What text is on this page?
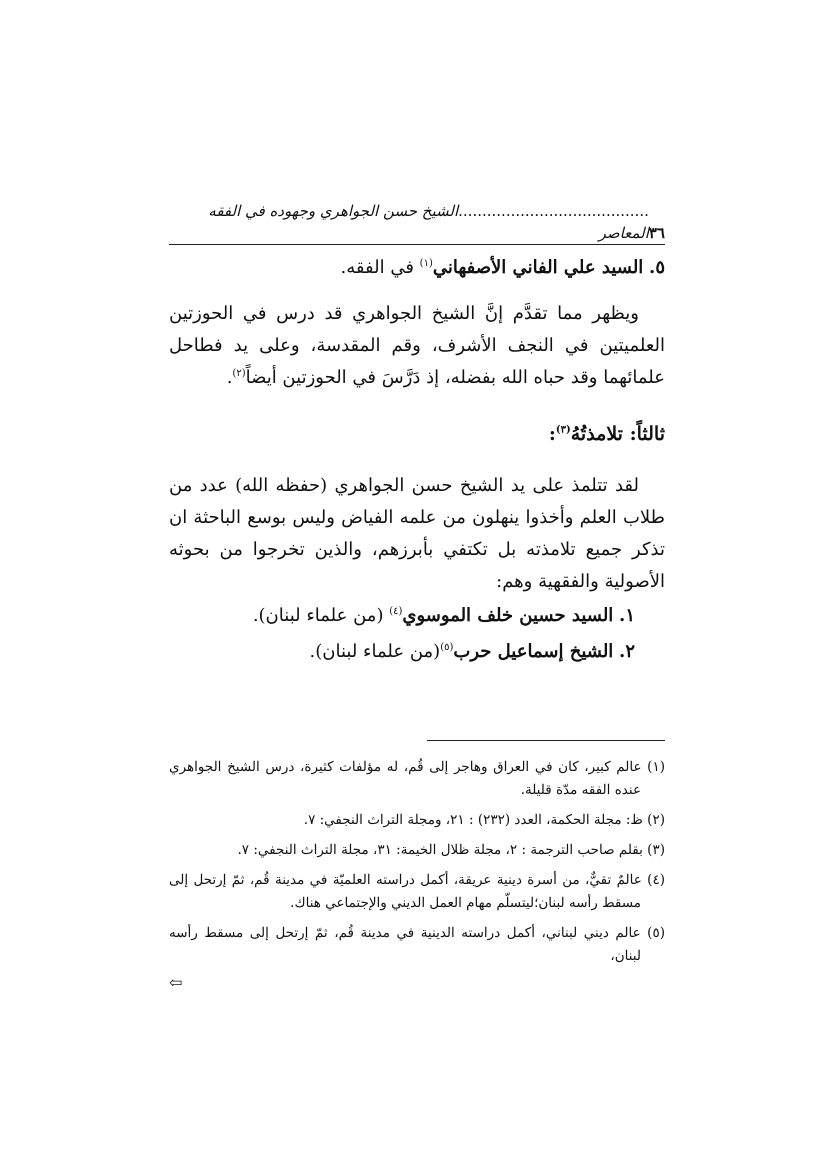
٣٦
........................................الشيخ حسن الجواهري وجهوده في الفقه المعاصر

٥. السيد علي الفاني الأصفهاني$^{(١)}$ في الفقه.

ويظهر مما تقدَّم إنَّ الشيخ الجواهري قد درس في الحوزتين العلميتين في النجف الأشرف، وقم المقدسة، وعلى يد فطاحل علمائهما وقد حباه الله بفضله، إذ دَرَّسَ في الحوزتين أيضاً$^{(٢)}$.

ثالثاً: تلامذتُهُ$^{(٣)}$:

لقد تتلمذ على يد الشيخ حسن الجواهري (حفظه الله) عدد من طلاب العلم وأخذوا ينهلون من علمه الفياض وليس بوسع الباحثة ان تذكر جميع تلامذته بل تكتفي بأبرزهم، والذين تخرجوا من بحوثه الأصولية والفقهية وهم:

١. السيد حسين خلف الموسوي$^{(٤)}$ (من علماء لبنان).

٢. الشيخ إسماعيل حرب$^{(٥)}$(من علماء لبنان).

(١) عالم كبير، كان في العراق وهاجر إلى قُم، له مؤلفات كثيرة، درس الشيخ الجواهري عنده الفقه مدّة قليلة.

(٢) ظ: مجلة الحكمة، العدد (٢٣٢) : ٢١، ومجلة التراث النجفي: ٧.

(٣) بقلم صاحب الترجمة : ٢، مجلة ظلال الخيمة: ٣١، مجلة التراث النجفي: ٧.

(٤) عالمٌ تقيٌّ، من أسرة دينية عريقة، أكمل دراسته العلميّة في مدينة قُم، ثمّ إرتحل إلى مسقط رأسه لبنان؛ليتسلّم مهام العمل الديني والإجتماعي هناك.

(٥) عالم ديني لبناني، أكمل دراسته الدينية في مدينة قُم، ثمّ إرتحل إلى مسقط رأسه لبنان،

⇦
